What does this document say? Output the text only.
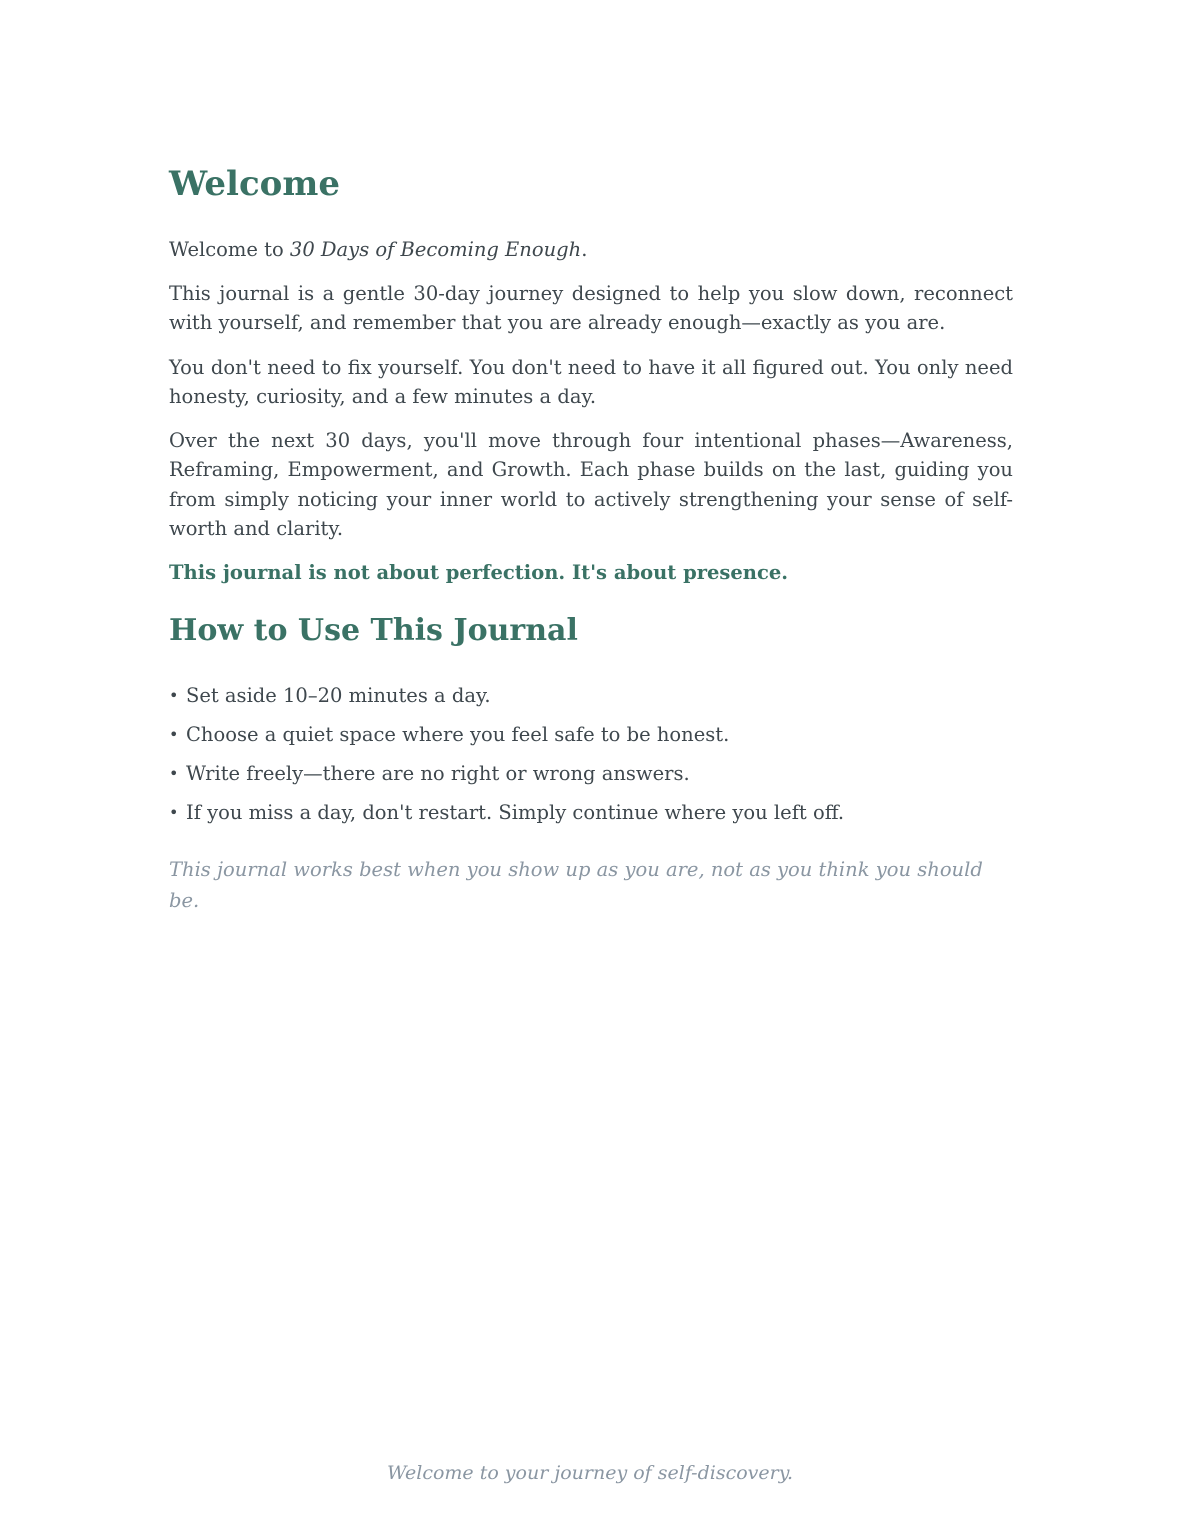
Welcome

Welcome to 30 Days of Becoming Enough.

This journal is a gentle 30-day journey designed to help you slow down, reconnect with yourself, and remember that you are already enough—exactly as you are.

You don't need to fix yourself. You don't need to have it all figured out. You only need honesty, curiosity, and a few minutes a day.

Over the next 30 days, you'll move through four intentional phases—Awareness, Reframing, Empowerment, and Growth. Each phase builds on the last, guiding you from simply noticing your inner world to actively strengthening your sense of self-worth and clarity.

This journal is not about perfection. It's about presence.

How to Use This Journal
• Set aside 10–20 minutes a day.
• Choose a quiet space where you feel safe to be honest.
• Write freely—there are no right or wrong answers.
• If you miss a day, don't restart. Simply continue where you left off.

This journal works best when you show up as you are, not as you think you should be.

Welcome to your journey of self-discovery.
